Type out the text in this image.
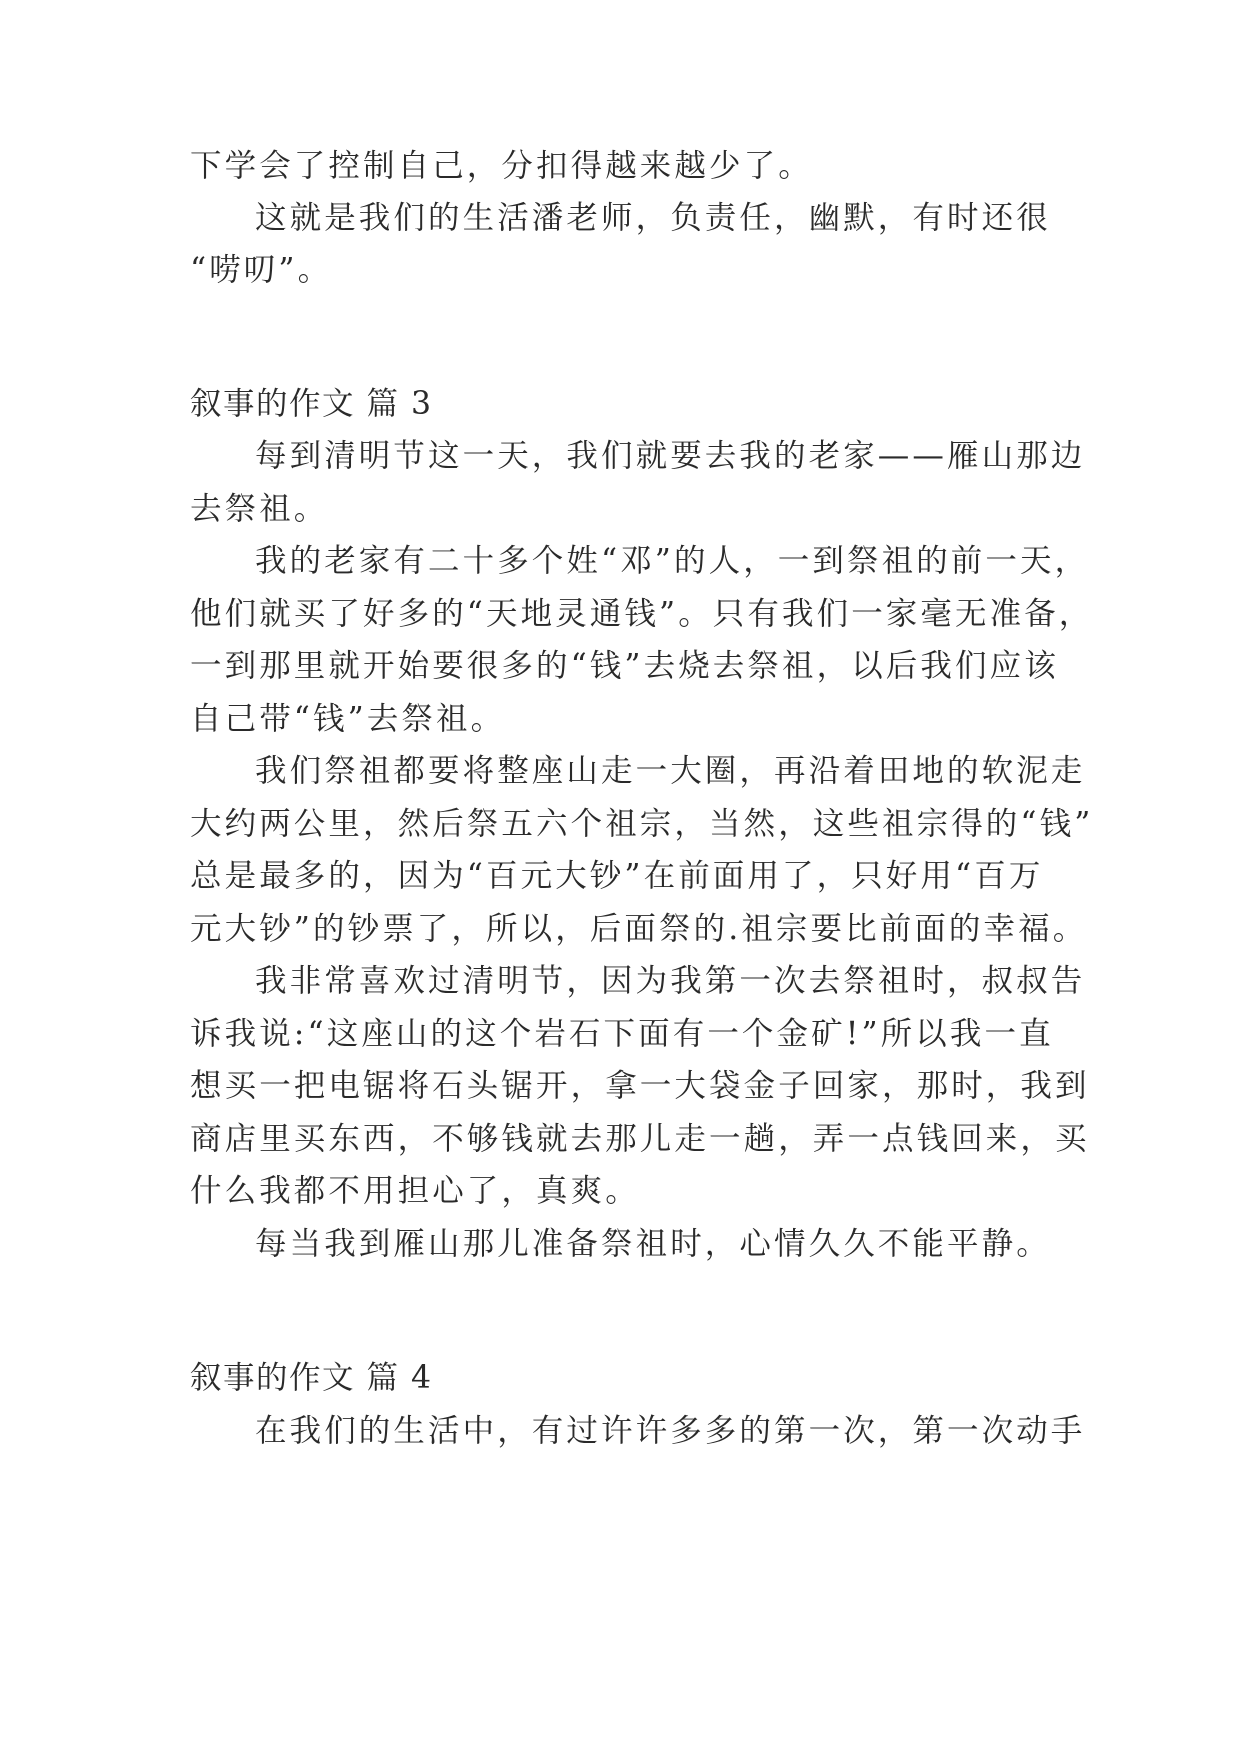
下学会了控制自己，分扣得越来越少了。

这就是我们的生活潘老师，负责任，幽默，有时还很

“唠叨”。

叙事的作文 篇 3

每到清明节这一天，我们就要去我的老家——雁山那边

去祭祖。

我的老家有二十多个姓“邓”的人，一到祭祖的前一天，

他们就买了好多的“天地灵通钱”。只有我们一家毫无准备，

一到那里就开始要很多的“钱”去烧去祭祖，以后我们应该

自己带“钱”去祭祖。

我们祭祖都要将整座山走一大圈，再沿着田地的软泥走

大约两公里，然后祭五六个祖宗，当然，这些祖宗得的“钱”

总是最多的，因为“百元大钞”在前面用了，只好用“百万

元大钞”的钞票了，所以，后面祭的.祖宗要比前面的幸福。

我非常喜欢过清明节，因为我第一次去祭祖时，叔叔告

诉我说:“这座山的这个岩石下面有一个金矿!”所以我一直

想买一把电锯将石头锯开，拿一大袋金子回家，那时，我到

商店里买东西，不够钱就去那儿走一趟，弄一点钱回来，买

什么我都不用担心了，真爽。

每当我到雁山那儿准备祭祖时，心情久久不能平静。

叙事的作文 篇 4

在我们的生活中，有过许许多多的第一次，第一次动手
